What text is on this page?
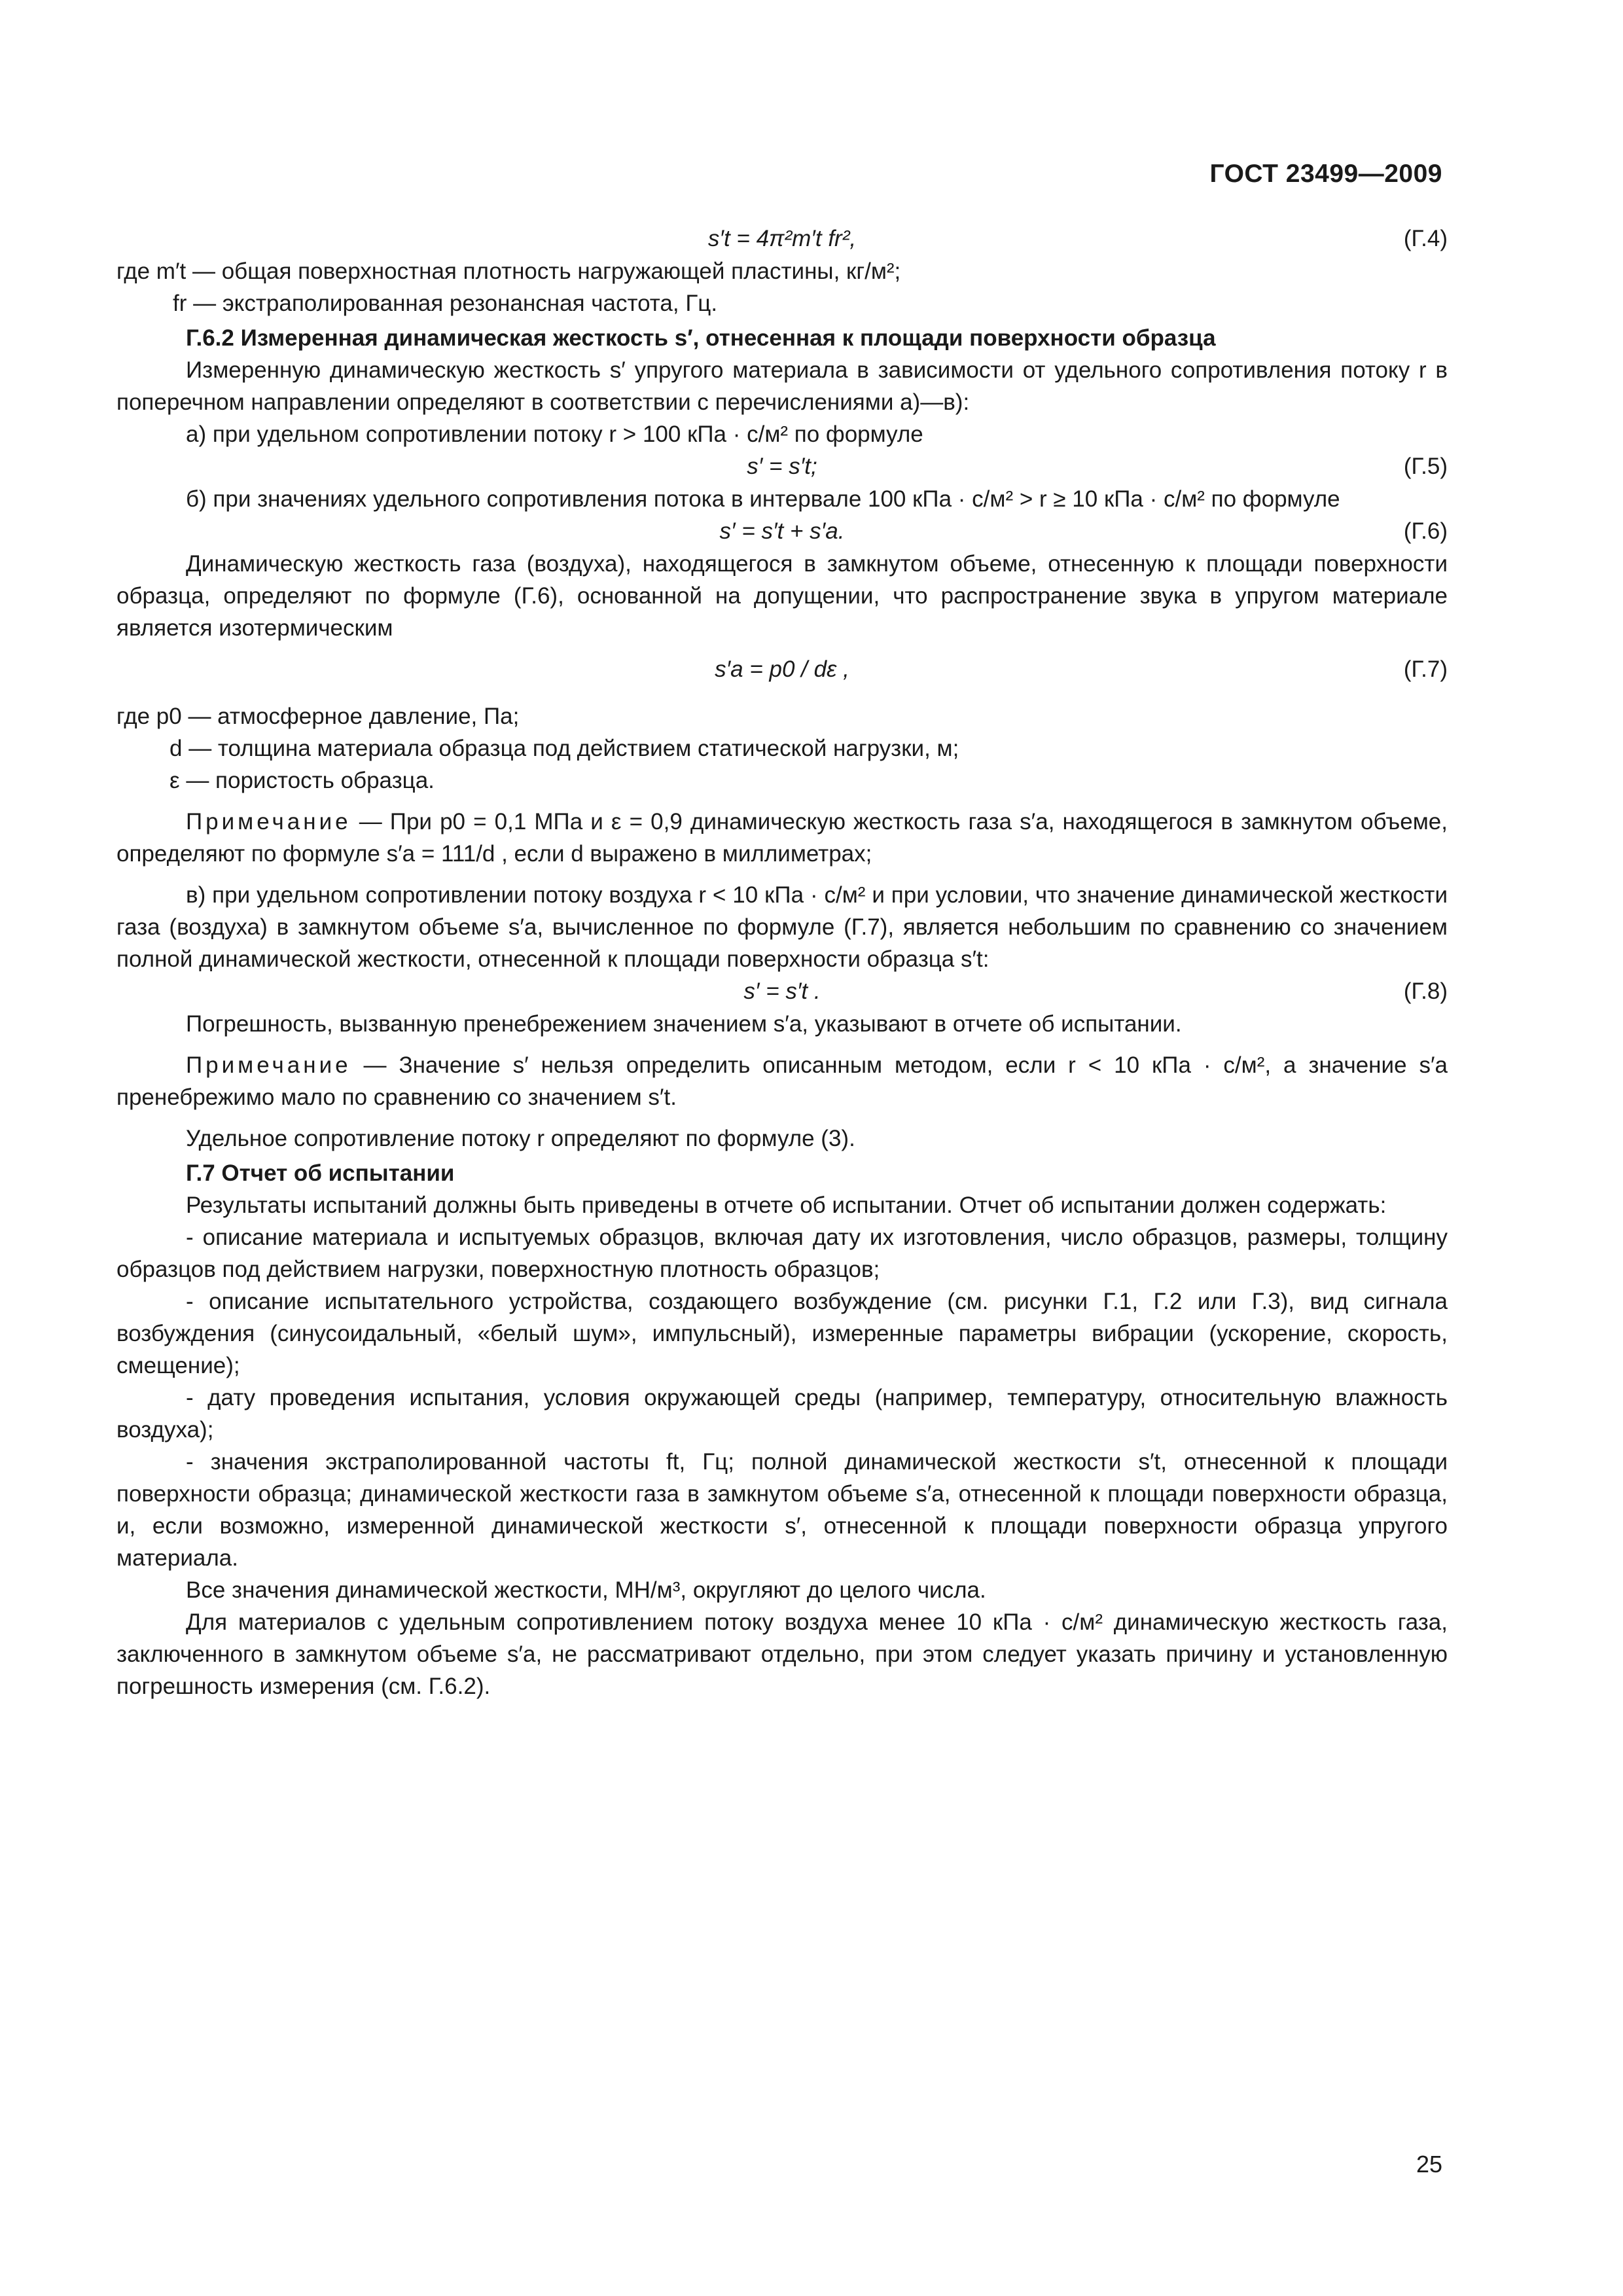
ГОСТ 23499—2009
s′t = 4π²m′t fr²,	(Г.4)

где m′t — общая поверхностная плотность нагружающей пластины, кг/м²;

fr — экстраполированная резонансная частота, Гц.

Г.6.2 Измеренная динамическая жесткость s′, отнесенная к площади поверхности образца

Измеренную динамическую жесткость s′ упругого материала в зависимости от удельного сопротивления потоку r в поперечном направлении определяют в соответствии с перечислениями а)—в):

а) при удельном сопротивлении потоку r > 100 кПа · с/м² по формуле

s′ = s′t;	(Г.5)

б) при значениях удельного сопротивления потока в интервале 100 кПа · с/м² > r ≥ 10 кПа · с/м² по формуле

s′ = s′t + s′a.	(Г.6)

Динамическую жесткость газа (воздуха), находящегося в замкнутом объеме, отнесенную к площади поверхности образца, определяют по формуле (Г.6), основанной на допущении, что распространение звука в упругом материале является изотермическим

s′a = p0 / dε ,	(Г.7)

где p0 — атмосферное давление, Па;

d — толщина материала образца под действием статической нагрузки, м;

ε — пористость образца.

Примечание — При p0 = 0,1 МПа и ε = 0,9 динамическую жесткость газа s′a, находящегося в замкнутом объеме, определяют по формуле s′a = 111/d , если d выражено в миллиметрах;

в) при удельном сопротивлении потоку воздуха r < 10 кПа · с/м² и при условии, что значение динамической жесткости газа (воздуха) в замкнутом объеме s′a, вычисленное по формуле (Г.7), является небольшим по сравнению со значением полной динамической жесткости, отнесенной к площади поверхности образца s′t:

s′ = s′t .	(Г.8)

Погрешность, вызванную пренебрежением значением s′a, указывают в отчете об испытании.

Примечание — Значение s′ нельзя определить описанным методом, если r < 10 кПа · с/м², а значение s′a пренебрежимо мало по сравнению со значением s′t.

Удельное сопротивление потоку r определяют по формуле (3).

Г.7 Отчет об испытании

Результаты испытаний должны быть приведены в отчете об испытании. Отчет об испытании должен содержать:

- описание материала и испытуемых образцов, включая дату их изготовления, число образцов, размеры, толщину образцов под действием нагрузки, поверхностную плотность образцов;

- описание испытательного устройства, создающего возбуждение (см. рисунки Г.1, Г.2 или Г.3), вид сигнала возбуждения (синусоидальный, «белый шум», импульсный), измеренные параметры вибрации (ускорение, скорость, смещение);

- дату проведения испытания, условия окружающей среды (например, температуру, относительную влажность воздуха);

- значения экстраполированной частоты ft, Гц; полной динамической жесткости s′t, отнесенной к площади поверхности образца; динамической жесткости газа в замкнутом объеме s′a, отнесенной к площади поверхности образца, и, если возможно, измеренной динамической жесткости s′, отнесенной к площади поверхности образца упругого материала.

Все значения динамической жесткости, МН/м³, округляют до целого числа.

Для материалов с удельным сопротивлением потоку воздуха менее 10 кПа · с/м² динамическую жесткость газа, заключенного в замкнутом объеме s′a, не рассматривают отдельно, при этом следует указать причину и установленную погрешность измерения (см. Г.6.2).

25
